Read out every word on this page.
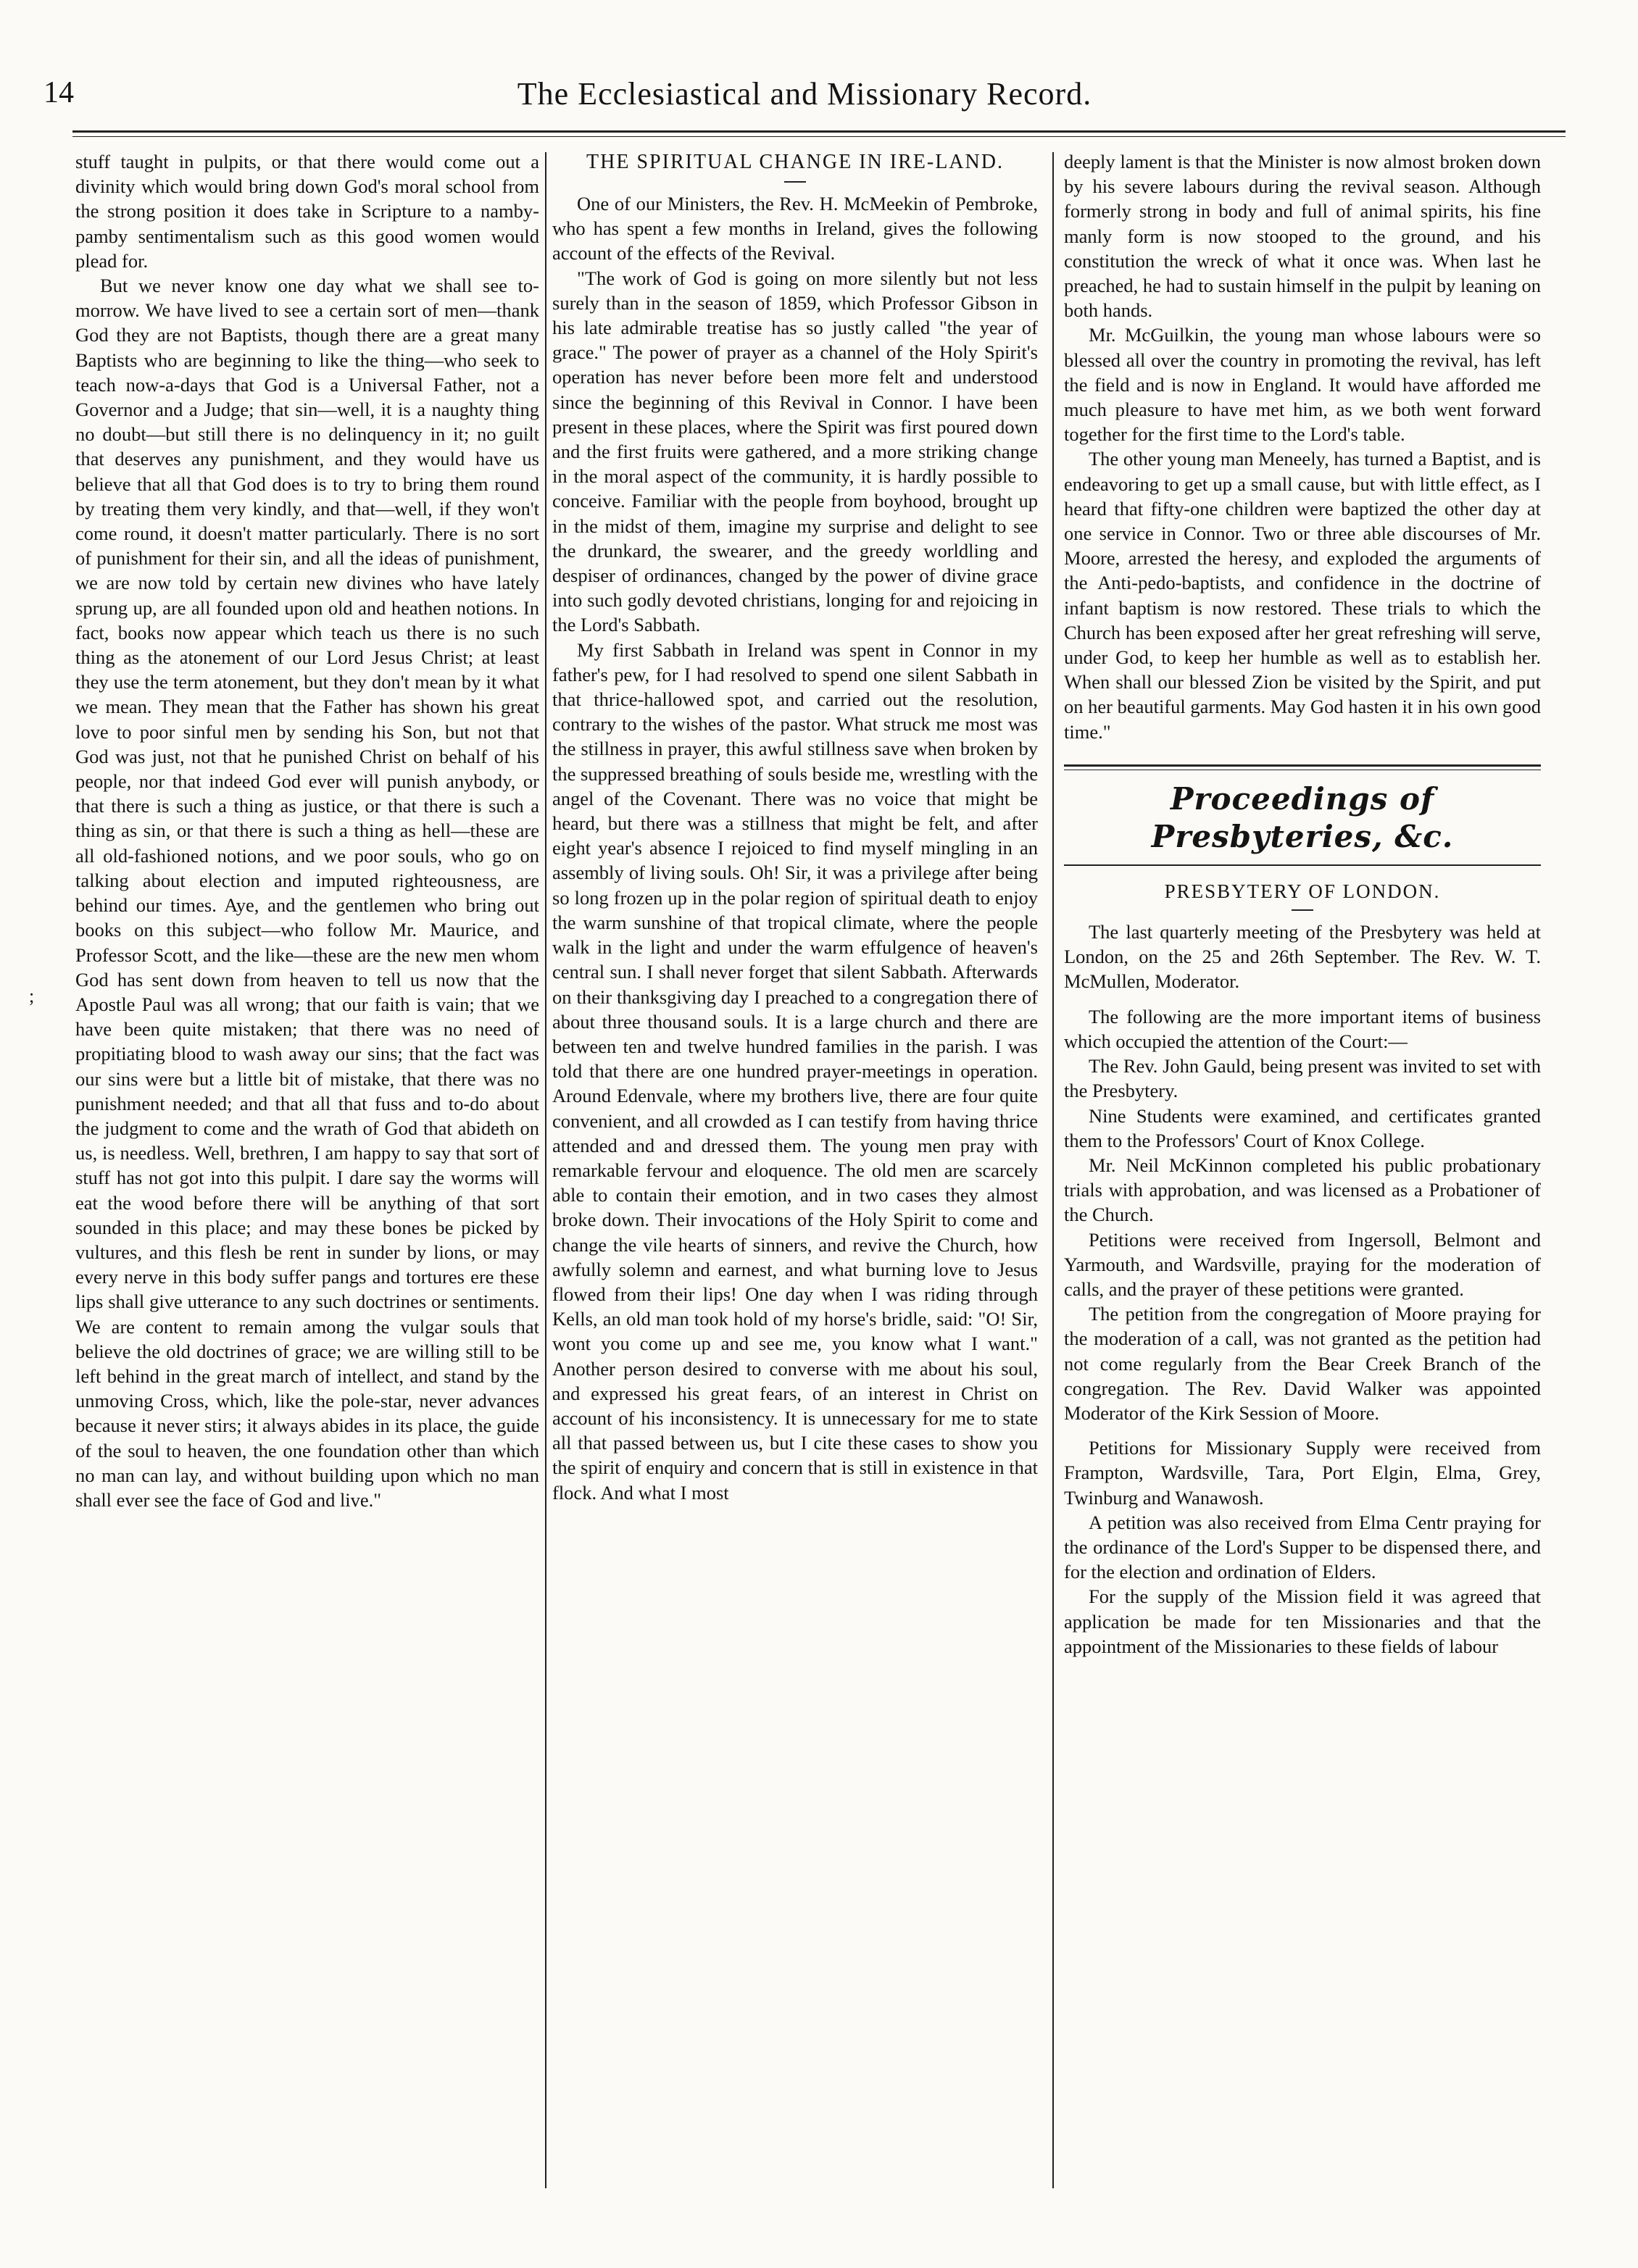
14	The Ecclesiastical and Missionary Record.
;

stuff taught in pulpits, or that there would come out a divinity which would bring down God's moral school from the strong position it does take in Scripture to a namby-pamby sentimentalism such as this good women would plead for.

But we never know one day what we shall see to-morrow. We have lived to see a certain sort of men—thank God they are not Baptists, though there are a great many Baptists who are beginning to like the thing—who seek to teach now-a-days that God is a Universal Father, not a Governor and a Judge; that sin—well, it is a naughty thing no doubt—but still there is no delinquency in it; no guilt that deserves any punishment, and they would have us believe that all that God does is to try to bring them round by treating them very kindly, and that—well, if they won't come round, it doesn't matter particularly. There is no sort of punishment for their sin, and all the ideas of punishment, we are now told by certain new divines who have lately sprung up, are all founded upon old and heathen notions. In fact, books now appear which teach us there is no such thing as the atonement of our Lord Jesus Christ; at least they use the term atonement, but they don't mean by it what we mean. They mean that the Father has shown his great love to poor sinful men by sending his Son, but not that God was just, not that he punished Christ on behalf of his people, nor that indeed God ever will punish anybody, or that there is such a thing as justice, or that there is such a thing as sin, or that there is such a thing as hell—these are all old-fashioned notions, and we poor souls, who go on talking about election and imputed righteousness, are behind our times. Aye, and the gentlemen who bring out books on this subject—who follow Mr. Maurice, and Professor Scott, and the like—these are the new men whom God has sent down from heaven to tell us now that the Apostle Paul was all wrong; that our faith is vain; that we have been quite mistaken; that there was no need of propitiating blood to wash away our sins; that the fact was our sins were but a little bit of mistake, that there was no punishment needed; and that all that fuss and to-do about the judgment to come and the wrath of God that abideth on us, is needless. Well, brethren, I am happy to say that sort of stuff has not got into this pulpit. I dare say the worms will eat the wood before there will be anything of that sort sounded in this place; and may these bones be picked by vultures, and this flesh be rent in sunder by lions, or may every nerve in this body suffer pangs and tortures ere these lips shall give utterance to any such doctrines or sentiments. We are content to remain among the vulgar souls that believe the old doctrines of grace; we are willing still to be left behind in the great march of intellect, and stand by the unmoving Cross, which, like the pole-star, never advances because it never stirs; it always abides in its place, the guide of the soul to heaven, the one foundation other than which no man can lay, and without building upon which no man shall ever see the face of God and live."

THE SPIRITUAL CHANGE IN IRE-LAND.

One of our Ministers, the Rev. H. McMeekin of Pembroke, who has spent a few months in Ireland, gives the following account of the effects of the Revival.

"The work of God is going on more silently but not less surely than in the season of 1859, which Professor Gibson in his late admirable treatise has so justly called "the year of grace." The power of prayer as a channel of the Holy Spirit's operation has never before been more felt and understood since the beginning of this Revival in Connor. I have been present in these places, where the Spirit was first poured down and the first fruits were gathered, and a more striking change in the moral aspect of the community, it is hardly possible to conceive. Familiar with the people from boyhood, brought up in the midst of them, imagine my surprise and delight to see the drunkard, the swearer, and the greedy worldling and despiser of ordinances, changed by the power of divine grace into such godly devoted christians, longing for and rejoicing in the Lord's Sabbath.

My first Sabbath in Ireland was spent in Connor in my father's pew, for I had resolved to spend one silent Sabbath in that thrice-hallowed spot, and carried out the resolution, contrary to the wishes of the pastor. What struck me most was the stillness in prayer, this awful stillness save when broken by the suppressed breathing of souls beside me, wrestling with the angel of the Covenant. There was no voice that might be heard, but there was a stillness that might be felt, and after eight year's absence I rejoiced to find myself mingling in an assembly of living souls. Oh! Sir, it was a privilege after being so long frozen up in the polar region of spiritual death to enjoy the warm sunshine of that tropical climate, where the people walk in the light and under the warm effulgence of heaven's central sun. I shall never forget that silent Sabbath. Afterwards on their thanksgiving day I preached to a congregation there of about three thousand souls. It is a large church and there are between ten and twelve hundred families in the parish. I was told that there are one hundred prayer-meetings in operation. Around Edenvale, where my brothers live, there are four quite convenient, and all crowded as I can testify from having thrice attended and and dressed them. The young men pray with remarkable fervour and eloquence. The old men are scarcely able to contain their emotion, and in two cases they almost broke down. Their invocations of the Holy Spirit to come and change the vile hearts of sinners, and revive the Church, how awfully solemn and earnest, and what burning love to Jesus flowed from their lips! One day when I was riding through Kells, an old man took hold of my horse's bridle, said: "O! Sir, wont you come up and see me, you know what I want." Another person desired to converse with me about his soul, and expressed his great fears, of an interest in Christ on account of his inconsistency. It is unnecessary for me to state all that passed between us, but I cite these cases to show you the spirit of enquiry and concern that is still in existence in that flock. And what I most

deeply lament is that the Minister is now almost broken down by his severe labours during the revival season. Although formerly strong in body and full of animal spirits, his fine manly form is now stooped to the ground, and his constitution the wreck of what it once was. When last he preached, he had to sustain himself in the pulpit by leaning on both hands.

Mr. McGuilkin, the young man whose labours were so blessed all over the country in promoting the revival, has left the field and is now in England. It would have afforded me much pleasure to have met him, as we both went forward together for the first time to the Lord's table.

The other young man Meneely, has turned a Baptist, and is endeavoring to get up a small cause, but with little effect, as I heard that fifty-one children were baptized the other day at one service in Connor. Two or three able discourses of Mr. Moore, arrested the heresy, and exploded the arguments of the Anti-pedo-baptists, and confidence in the doctrine of infant baptism is now restored. These trials to which the Church has been exposed after her great refreshing will serve, under God, to keep her humble as well as to establish her. When shall our blessed Zion be visited by the Spirit, and put on her beautiful garments. May God hasten it in his own good time."

Proceedings of Presbyteries, &c.
PRESBYTERY OF LONDON.

The last quarterly meeting of the Presbytery was held at London, on the 25 and 26th September. The Rev. W. T. McMullen, Moderator.

The following are the more important items of business which occupied the attention of the Court:—

The Rev. John Gauld, being present was invited to set with the Presbytery.

Nine Students were examined, and certificates granted them to the Professors' Court of Knox College.

Mr. Neil McKinnon completed his public probationary trials with approbation, and was licensed as a Probationer of the Church.

Petitions were received from Ingersoll, Belmont and Yarmouth, and Wardsville, praying for the moderation of calls, and the prayer of these petitions were granted.

The petition from the congregation of Moore praying for the moderation of a call, was not granted as the petition had not come regularly from the Bear Creek Branch of the congregation. The Rev. David Walker was appointed Moderator of the Kirk Session of Moore.

Petitions for Missionary Supply were received from Frampton, Wardsville, Tara, Port Elgin, Elma, Grey, Twinburg and Wanawosh.

A petition was also received from Elma Centr praying for the ordinance of the Lord's Supper to be dispensed there, and for the election and ordination of Elders.

For the supply of the Mission field it was agreed that application be made for ten Missionaries and that the appointment of the Missionaries to these fields of labour
